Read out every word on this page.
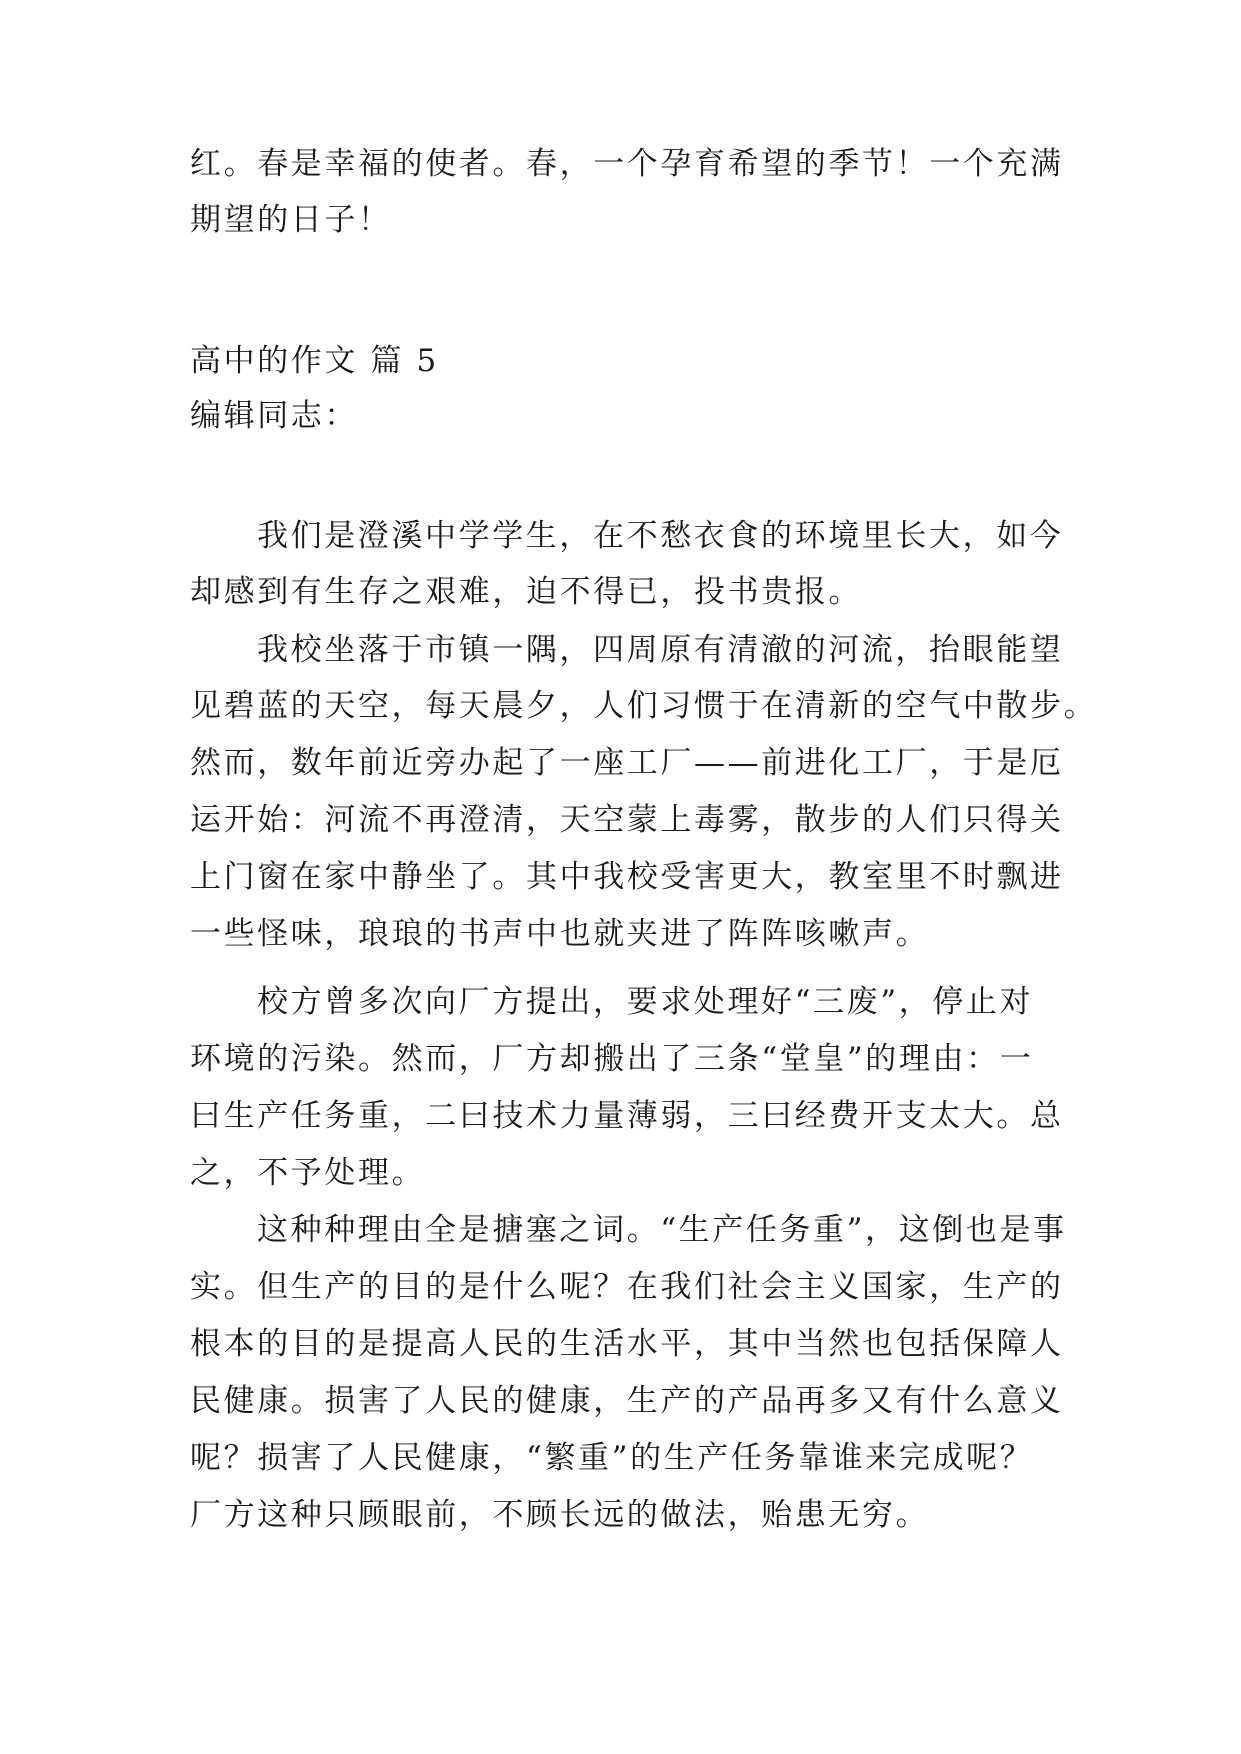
红。春是幸福的使者。春，一个孕育希望的季节！一个充满
期望的日子！
高中的作文 篇 5
编辑同志：
我们是澄溪中学学生，在不愁衣食的环境里长大，如今
却感到有生存之艰难，迫不得已，投书贵报。
我校坐落于市镇一隅，四周原有清澈的河流，抬眼能望
见碧蓝的天空，每天晨夕，人们习惯于在清新的空气中散步。
然而，数年前近旁办起了一座工厂——前进化工厂，于是厄
运开始：河流不再澄清，天空蒙上毒雾，散步的人们只得关
上门窗在家中静坐了。其中我校受害更大，教室里不时飘进
一些怪味，琅琅的书声中也就夹进了阵阵咳嗽声。
校方曾多次向厂方提出，要求处理好“三废”，停止对
环境的污染。然而，厂方却搬出了三条“堂皇”的理由：一
曰生产任务重，二曰技术力量薄弱，三曰经费开支太大。总
之，不予处理。
这种种理由全是搪塞之词。“生产任务重”，这倒也是事
实。但生产的目的是什么呢？在我们社会主义国家，生产的
根本的目的是提高人民的生活水平，其中当然也包括保障人
民健康。损害了人民的健康，生产的产品再多又有什么意义
呢？损害了人民健康，“繁重”的生产任务靠谁来完成呢？
厂方这种只顾眼前，不顾长远的做法，贻患无穷。
